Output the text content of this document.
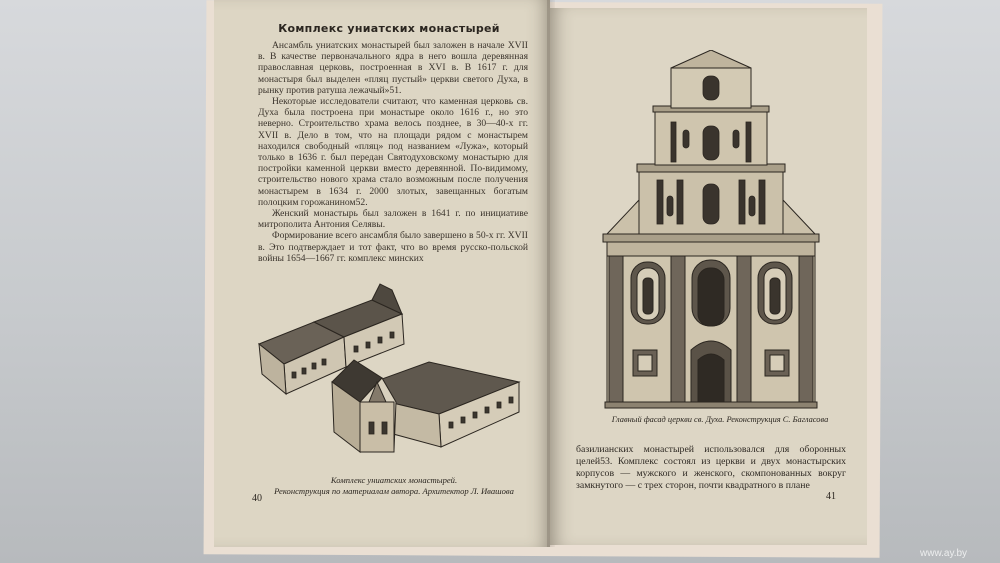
Комплекс униатских монастырей

Ансамбль униатских монастырей был заложен в начале XVII в. В качестве первоначального ядра в него вошла деревянная православная церковь, построенная в XVI в. В 1617 г. для монастыря был выделен «пляц пустый» церкви светого Духа, в рынку против ратуша лежачый»51.

Некоторые исследователи считают, что каменная церковь св. Духа была построена при монастыре около 1616 г., но это неверно. Строительство храма велось позднее, в 30—40-х гг. XVII в. Дело в том, что на площади рядом с монастырем находился свободный «пляц» под названием «Лужа», который только в 1636 г. был передан Святодуховскому монастырю для постройки каменной церкви вместо деревянной. По-видимому, строительство нового храма стало возможным после получения монастырем в 1634 г. 2000 злотых, завещанных богатым полоцким горожанином52.

Женский монастырь был заложен в 1641 г. по инициативе митрополита Антония Селявы.

Формирование всего ансамбля было завершено в 50-х гг. XVII в. Это подтверждает и тот факт, что во время русско-польской войны 1654—1667 гг. комплекс минских

Комплекс униатских монастырей.
Реконструкция по материалам автора. Архитектор Л. Ивашова
40
Главный фасад церкви св. Духа. Реконструкция С. Багласова
базилианских монастырей использовался для оборонных целей53. Комплекс состоял из церкви и двух монастырских корпусов — мужского и женского, скомпонованных вокруг замкнутого — с трех сторон, почти квадратного в плане
41
www.ay.by
